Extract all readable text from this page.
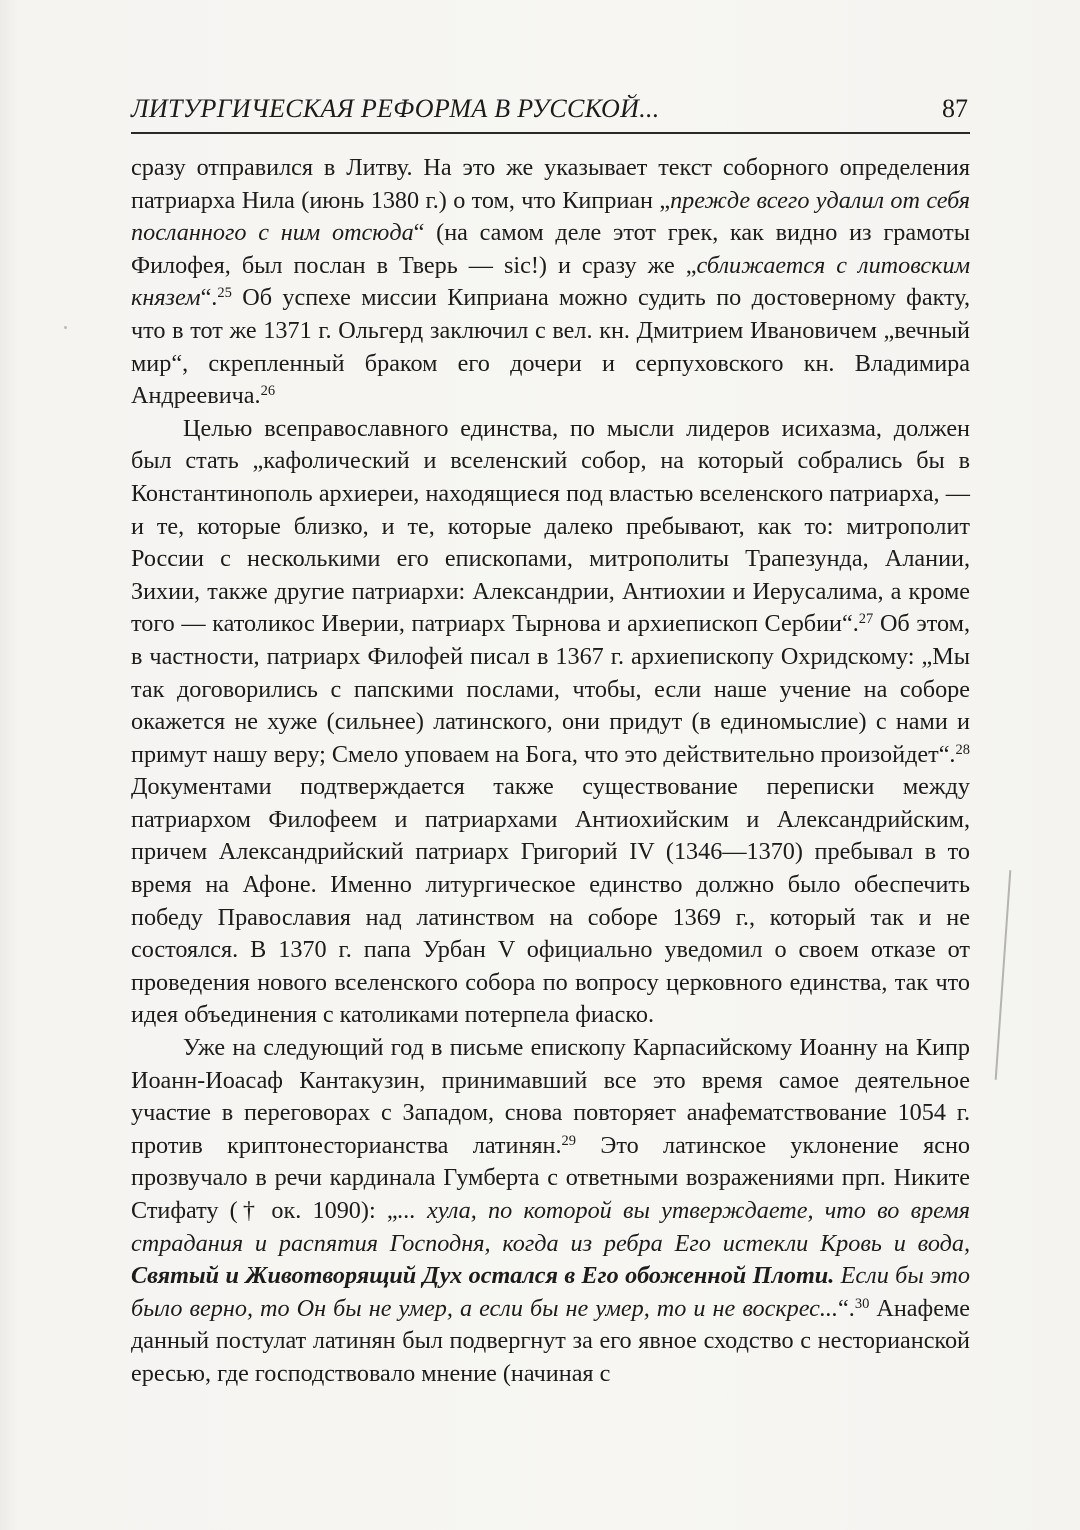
ЛИТУРГИЧЕСКАЯ РЕФОРМА В РУССКОЙ...	87

сразу отправился в Литву. На это же указывает текст соборного определения патриарха Нила (июнь 1380 г.) о том, что Киприан „прежде всего удалил от себя посланного с ним отсюда“ (на самом деле этот грек, как видно из грамоты Филофея, был послан в Тверь — sic!) и сразу же „сближается с литовским князем“.$^{25}$ Об успехе миссии Киприана можно судить по достоверному факту, что в тот же 1371 г. Ольгерд заключил с вел. кн. Дмитрием Ивановичем „вечный мир“, скрепленный браком его дочери и серпуховского кн. Владимира Андреевича.$^{26}$

Целью всеправославного единства, по мысли лидеров исихазма, должен был стать „кафолический и вселенский собор, на который собрались бы в Константинополь архиереи, находящиеся под властью вселенского патриарха, — и те, которые близко, и те, которые далеко пребывают, как то: митрополит России с несколькими его епископами, митрополиты Трапезунда, Алании, Зихии, также другие патриархи: Александрии, Антиохии и Иерусалима, а кроме того — католикос Иверии, патриарх Тырнова и архиепископ Сербии“.$^{27}$ Об этом, в частности, патриарх Филофей писал в 1367 г. архиепископу Охридскому: „Мы так договорились с папскими послами, чтобы, если наше учение на соборе окажется не хуже (сильнее) латинского, они придут (в единомыслие) с нами и примут нашу веру; Смело уповаем на Бога, что это действительно произойдет“.$^{28}$ Документами подтверждается также существование переписки между патриархом Филофеем и патриархами Антиохийским и Александрийским, причем Александрийский патриарх Григорий IV (1346—1370) пребывал в то время на Афоне. Именно литургическое единство должно было обеспечить победу Православия над латинством на соборе 1369 г., который так и не состоялся. В 1370 г. папа Урбан V официально уведомил о своем отказе от проведения нового вселенского собора по вопросу церковного единства, так что идея объединения с католиками потерпела фиаско.

Уже на следующий год в письме епископу Карпасийскому Иоанну на Кипр Иоанн-Иоасаф Кантакузин, принимавший все это время самое деятельное участие в переговорах с Западом, снова повторяет анафематствование 1054 г. против криптонесторианства латинян.$^{29}$ Это латинское уклонение ясно прозвучало в речи кардинала Гумберта с ответными возражениями прп. Никите Стифату († ок. 1090): „... хула, по которой вы утверждаете, что во время страдания и распятия Господня, когда из ребра Его истекли Кровь и вода, Святый и Животворящий Дух остался в Его обоженной Плоти. Если бы это было верно, то Он бы не умер, а если бы не умер, то и не воскрес...“.$^{30}$ Анафеме данный постулат латинян был подвергнут за его явное сходство с несторианской ересью, где господствовало мнение (начиная с
